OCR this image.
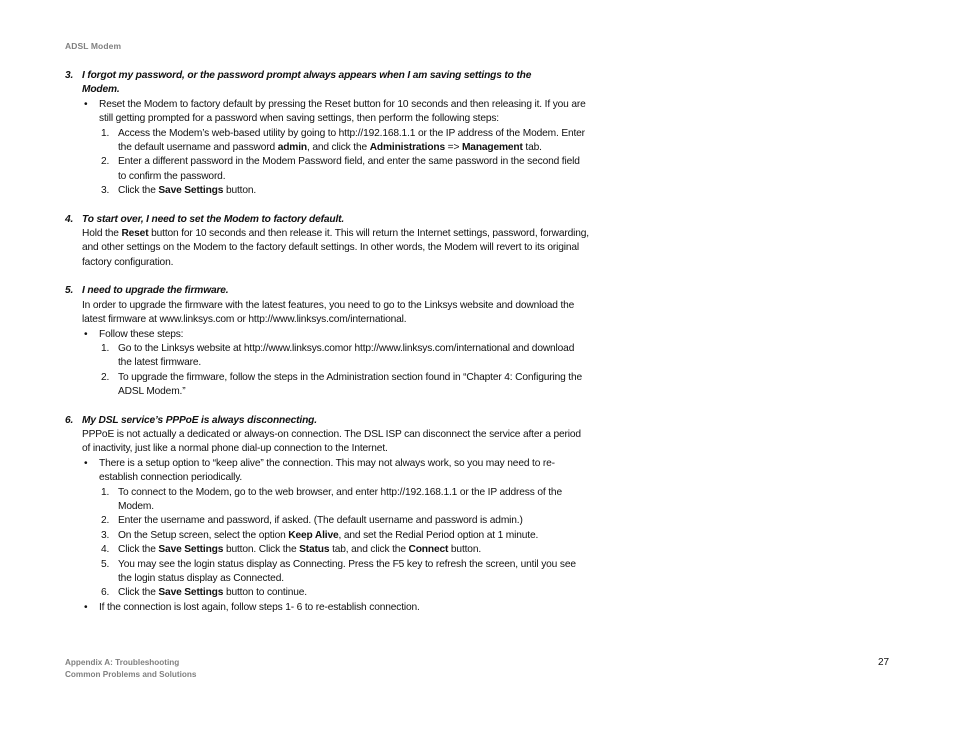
ADSL Modem
3. I forgot my password, or the password prompt always appears when I am saving settings to the
Modem.
• Reset the Modem to factory default by pressing the Reset button for 10 seconds and then releasing it. If you are still getting prompted for a password when saving settings, then perform the following steps:
1. Access the Modem’s web-based utility by going to http://192.168.1.1 or the IP address of the Modem. Enter the default username and password admin, and click the Administrations => Management tab.
2. Enter a different password in the Modem Password field, and enter the same password in the second field to confirm the password.
3. Click the Save Settings button.
4. To start over, I need to set the Modem to factory default.
Hold the Reset button for 10 seconds and then release it. This will return the Internet settings, password, forwarding, and other settings on the Modem to the factory default settings. In other words, the Modem will revert to its original factory configuration.
5. I need to upgrade the firmware.
In order to upgrade the firmware with the latest features, you need to go to the Linksys website and download the latest firmware at www.linksys.com or http://www.linksys.com/international.
• Follow these steps:
1. Go to the Linksys website at http://www.linksys.comor http://www.linksys.com/international and download the latest firmware.
2. To upgrade the firmware, follow the steps in the Administration section found in “Chapter 4: Configuring the ADSL Modem.”
6. My DSL service’s PPPoE is always disconnecting.
PPPoE is not actually a dedicated or always-on connection. The DSL ISP can disconnect the service after a period of inactivity, just like a normal phone dial-up connection to the Internet.
• There is a setup option to “keep alive” the connection. This may not always work, so you may need to re-establish connection periodically.
1. To connect to the Modem, go to the web browser, and enter http://192.168.1.1 or the IP address of the Modem.
2. Enter the username and password, if asked. (The default username and password is admin.)
3. On the Setup screen, select the option Keep Alive, and set the Redial Period option at 1 minute.
4. Click the Save Settings button. Click the Status tab, and click the Connect button.
5. You may see the login status display as Connecting. Press the F5 key to refresh the screen, until you see the login status display as Connected.
6. Click the Save Settings button to continue.
• If the connection is lost again, follow steps 1- 6 to re-establish connection.
Appendix A: Troubleshooting
Common Problems and Solutions
27
